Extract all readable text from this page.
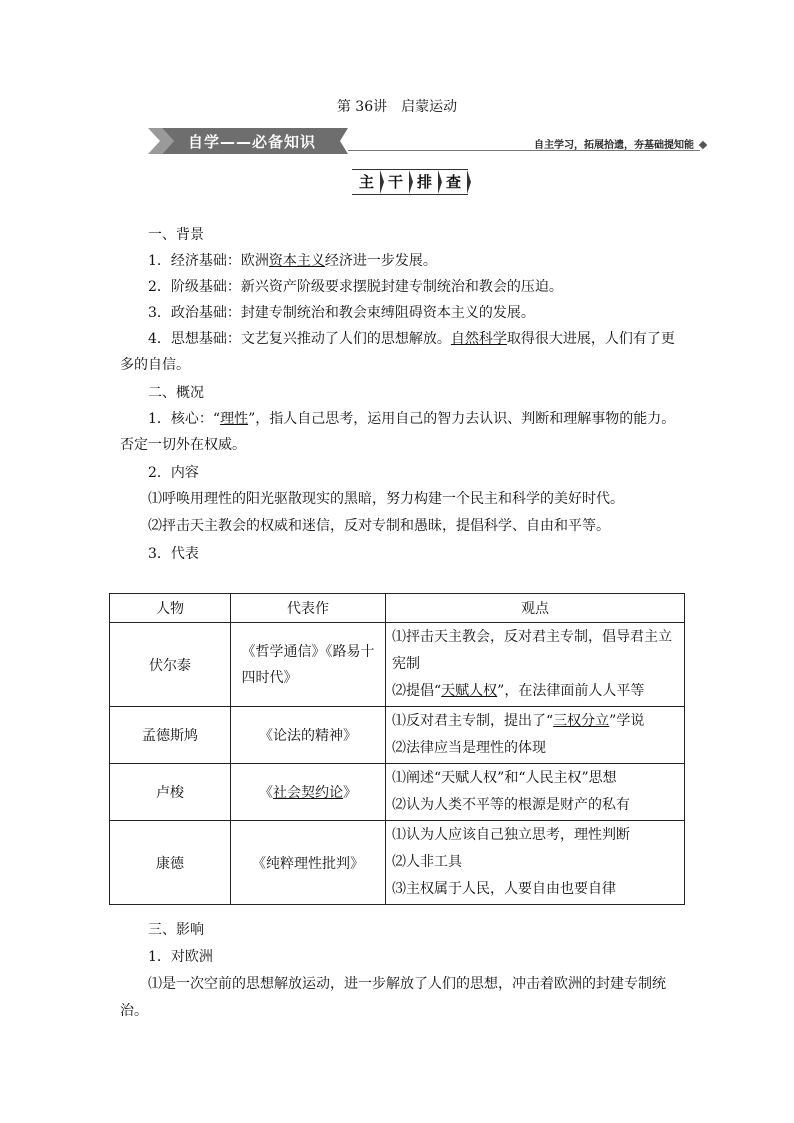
第 36讲　启蒙运动
自学——必备知识	自主学习，拓展拾遗，夯基础提知能
主 干 排 查
一、背景
1．经济基础：欧洲资本主义经济进一步发展。
2．阶级基础：新兴资产阶级要求摆脱封建专制统治和教会的压迫。
3．政治基础：封建专制统治和教会束缚阻碍资本主义的发展。
4．思想基础：文艺复兴推动了人们的思想解放。自然科学取得很大进展，人们有了更
多的自信。
二、概况
1．核心：“理性”，指人自己思考，运用自己的智力去认识、判断和理解事物的能力。
否定一切外在权威。
2．内容
⑴呼唤用理性的阳光驱散现实的黑暗，努力构建一个民主和科学的美好时代。
⑵抨击天主教会的权威和迷信，反对专制和愚昧，提倡科学、自由和平等。
3．代表
人物	代表作	观点
伏尔泰	《哲学通信》《路易十
四时代》	⑴抨击天主教会，反对君主专制，倡导君主立
宪制
⑵提倡“天赋人权”，在法律面前人人平等
孟德斯鸠	《论法的精神》	⑴反对君主专制，提出了“三权分立”学说
⑵法律应当是理性的体现
卢梭	《社会契约论》	⑴阐述“天赋人权”和“人民主权”思想
⑵认为人类不平等的根源是财产的私有
康德	《纯粹理性批判》	⑴认为人应该自己独立思考，理性判断
⑵人非工具
⑶主权属于人民，人要自由也要自律
三、影响
1．对欧洲
⑴是一次空前的思想解放运动，进一步解放了人们的思想，冲击着欧洲的封建专制统
治。
